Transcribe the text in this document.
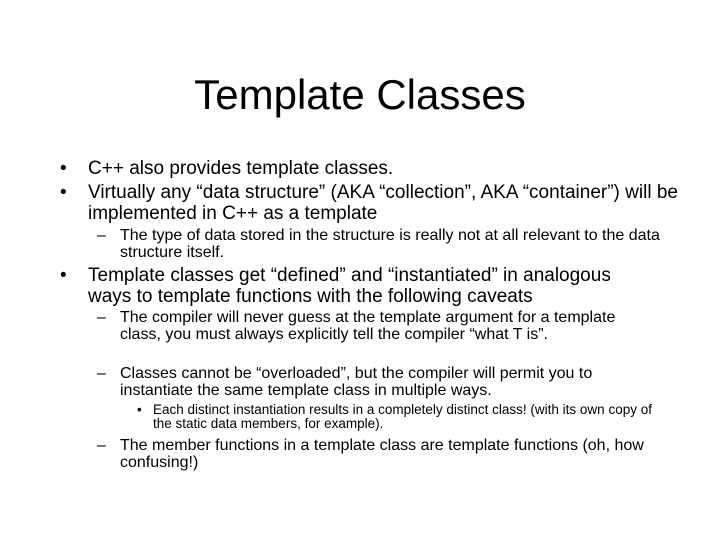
Template Classes
• C++ also provides template classes.
• Virtually any “data structure” (AKA “collection”, AKA “container”) will be implemented in C++ as a template
– The type of data stored in the structure is really not at all relevant to the data structure itself.
• Template classes get “defined” and “instantiated” in analogous ways to template functions with the following caveats
– The compiler will never guess at the template argument for a template class, you must always explicitly tell the compiler “what T is”.
– Classes cannot be “overloaded”, but the compiler will permit you to instantiate the same template class in multiple ways.
• Each distinct instantiation results in a completely distinct class! (with its own copy of the static data members, for example).
– The member functions in a template class are template functions (oh, how confusing!)
